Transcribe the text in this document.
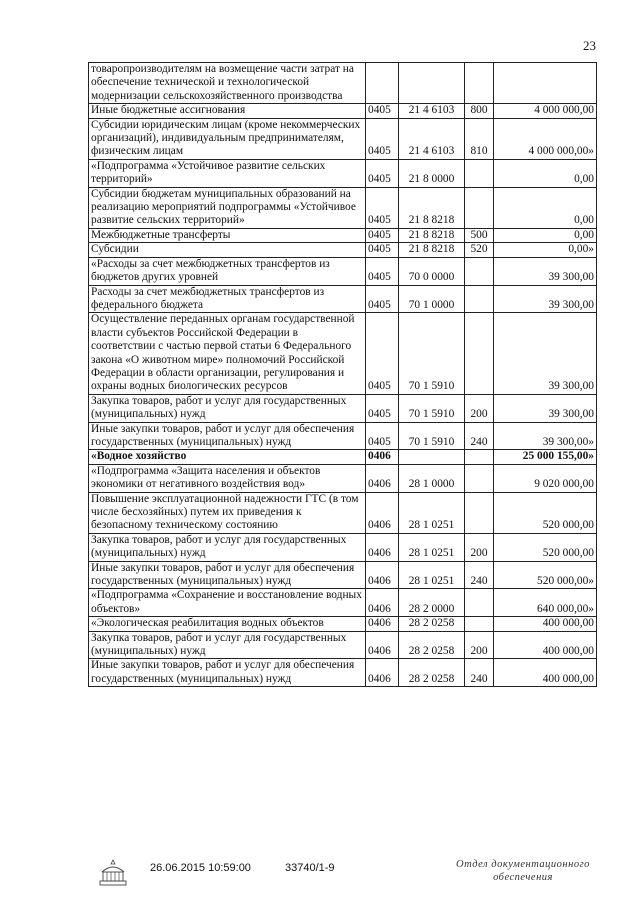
23
товаропроизводителям на возмещение части затрат на обеспечение технической и технологической модернизации сельскохозяйственного производства				
Иные бюджетные ассигнования	0405	21 4 6103	800	4 000 000,00
Субсидии юридическим лицам (кроме некоммерческих организаций), индивидуальным предпринимателям, физическим лицам	0405	21 4 6103	810	4 000 000,00»
«Подпрограмма «Устойчивое развитие сельских территорий»	0405	21 8 0000		0,00
Субсидии бюджетам муниципальных образований на реализацию мероприятий подпрограммы «Устойчивое развитие сельских территорий»	0405	21 8 8218		0,00
Межбюджетные трансферты	0405	21 8 8218	500	0,00
Субсидии	0405	21 8 8218	520	0,00»
«Расходы за счет межбюджетных трансфертов из бюджетов других уровней	0405	70 0 0000		39 300,00
Расходы за счет межбюджетных трансфертов из федерального бюджета	0405	70 1 0000		39 300,00
Осуществление переданных органам государственной власти субъектов Российской Федерации в соответствии с частью первой статьи 6 Федерального закона «О животном мире» полномочий Российской Федерации в области организации, регулирования и охраны водных биологических ресурсов	0405	70 1 5910		39 300,00
Закупка товаров, работ и услуг для государственных (муниципальных) нужд	0405	70 1 5910	200	39 300,00
Иные закупки товаров, работ и услуг для обеспечения государственных (муниципальных) нужд	0405	70 1 5910	240	39 300,00»
«Водное хозяйство	0406			25 000 155,00»
«Подпрограмма «Защита населения и объектов экономики от негативного воздействия вод»	0406	28 1 0000		9 020 000,00
Повышение эксплуатационной надежности ГТС (в том числе бесхозяйных) путем их приведения к безопасному техническому состоянию	0406	28 1 0251		520 000,00
Закупка товаров, работ и услуг для государственных (муниципальных) нужд	0406	28 1 0251	200	520 000,00
Иные закупки товаров, работ и услуг для обеспечения государственных (муниципальных) нужд	0406	28 1 0251	240	520 000,00»
«Подпрограмма «Сохранение и восстановление водных объектов»	0406	28 2 0000		640 000,00»
«Экологическая реабилитация водных объектов	0406	28 2 0258		400 000,00
Закупка товаров, работ и услуг для государственных (муниципальных) нужд	0406	28 2 0258	200	400 000,00
Иные закупки товаров, работ и услуг для обеспечения государственных (муниципальных) нужд	0406	28 2 0258	240	400 000,00
26.06.2015 10:59:00	33740/1-9	Отдел документационного
обеспечения
